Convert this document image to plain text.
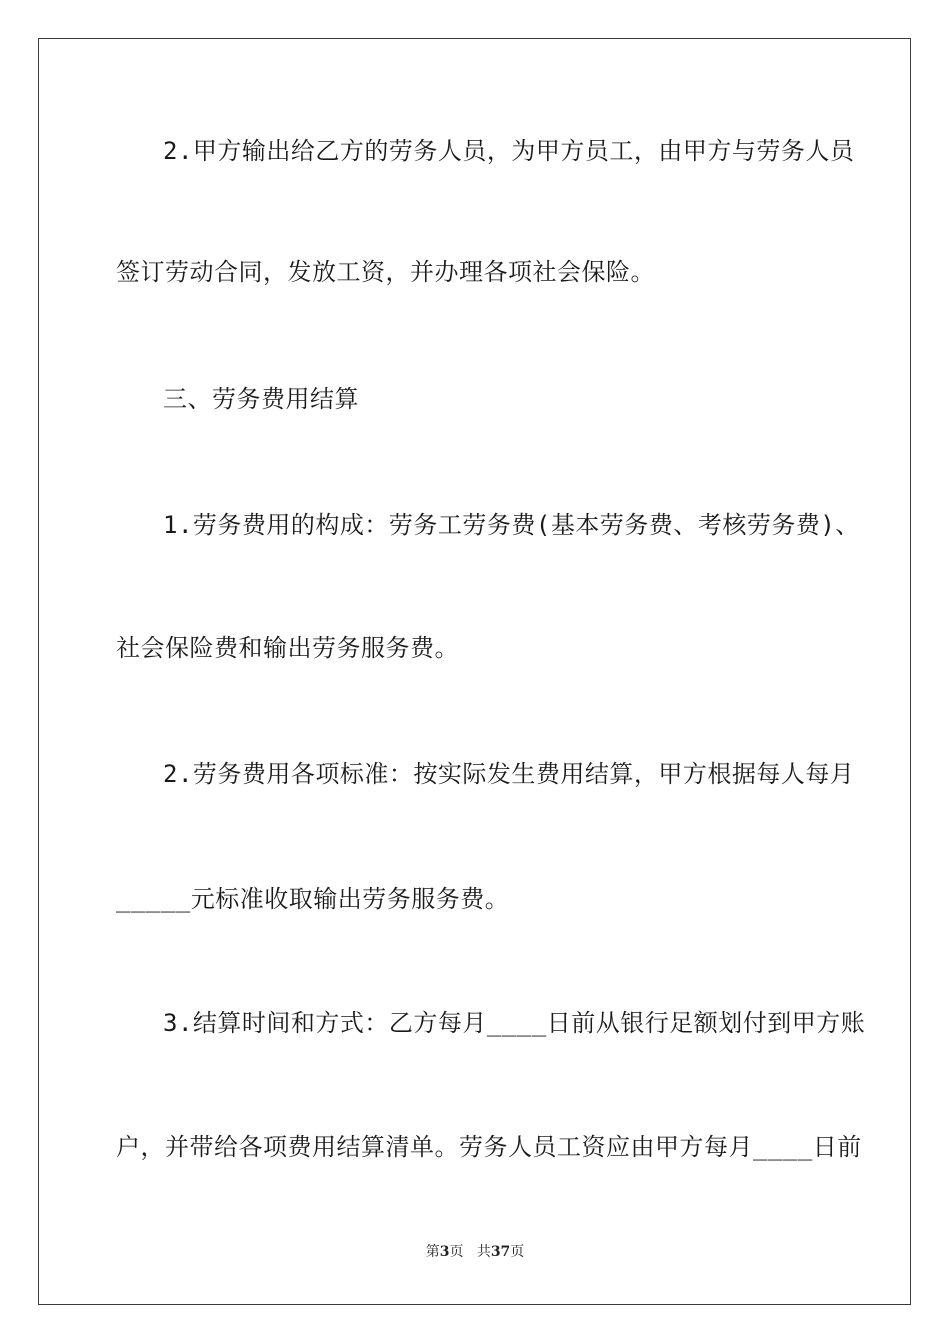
2.甲方输出给乙方的劳务人员，为甲方员工，由甲方与劳务人员
签订劳动合同，发放工资，并办理各项社会保险。
三、劳务费用结算
1.劳务费用的构成：劳务工劳务费(基本劳务费、考核劳务费)、
社会保险费和输出劳务服务费。
2.劳务费用各项标准：按实际发生费用结算，甲方根据每人每月
_____元标准收取输出劳务服务费。
3.结算时间和方式：乙方每月____日前从银行足额划付到甲方账
户，并带给各项费用结算清单。劳务人员工资应由甲方每月____日前
第3页 共37页
